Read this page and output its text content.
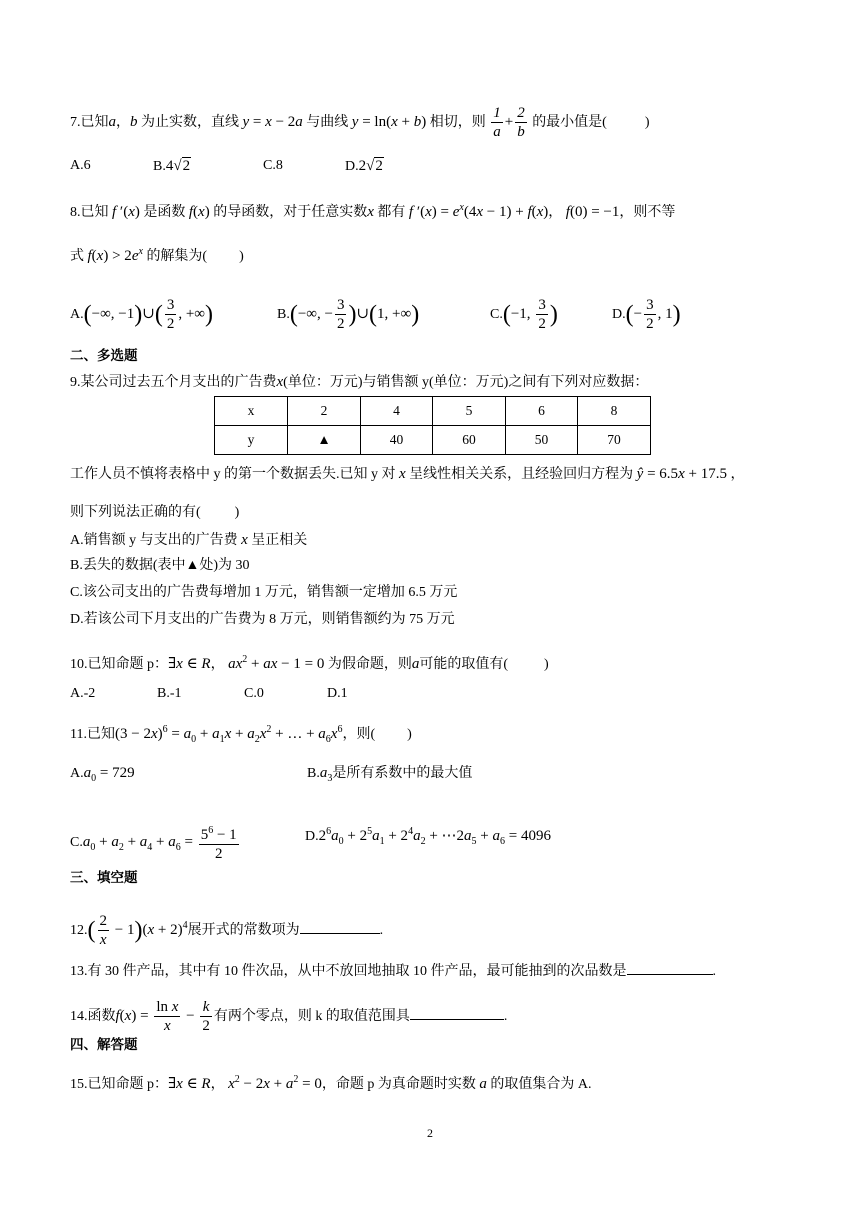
7.已知a，b 为止实数，直线 y = x − 2a 与曲线 y = ln(x + b) 相切，则 $\frac{1}{a} + \frac{2}{b}$ 的最小值是(	)
A.6	B.4√2	C.8	D.2√2
8.已知 f ′(x) 是函数 f(x) 的导函数，对于任意实数x 都有 f $'(x) = e^x(4x - 1) + f(x)$， f(0) = −1，则不等
式 $f(x) > 2e^x$ 的解集为( )
A.(−∞, −1)∪( $\frac{3}{2}$ , +∞)	B.(−∞, − $\frac{3}{2}$ )∪(1, +∞)	C.(−1, $\frac{3}{2}$ )	$D.(- \frac{3}{2}$ , 1)
二、多选题
9.某公司过去五个月支出的广告费x(单位：万元)与销售额 y(单位：万元)之间有下列对应数据：
x	2	4	5	6	8
y	▲	40	60	50	70
工作人员不慎将表格中 y 的第一个数据丢失.已知 y 对 x 呈线性相关关系，且经验回归方程为 ŷ = 6.5x + 17.5 ，
则下列说法正确的有( )
A.销售额 y 与支出的广告费 x 呈正相关
B.丢失的数据(表中▲处)为 30
C.该公司支出的广告费每增加 1 万元，销售额一定增加 6.5 万元
D.若该公司下月支出的广告费为 8 万元，则销售额约为 75 万元
10.已知命题 p：∃x ∈ R， $ax^2$ + ax − 1 = 0 为假命题，则a可能的取值有(	)
A.-2	B.-1	C.0	D.1
11.已知$(3 - 2x)^6 = a_0 + a_1x + a_2x^2$ + … + $a_6x^6$，则( )
$A.a_0 = 729$	$B.a_3$是所有系数中的最大值
$C.a_0 + a_2 + a_4 + a_6 = \frac{5^6 - 1}{2}$	$D.2^6a_0 + 2^5a_1 + 2^4a_2$ + $\cdots 2a_5 + a_6 = 4096$
三、填空题
$12.( \frac{2}{x} - 1)(x + 2)^4$展开式的常数项为	.
13.有 30 件产品，其中有 10 件次品，从中不放回地抽取 10 件产品，最可能抽到的次品数是	.
14.函数$f(x) = \frac{\text{ln x}}{x} - \frac{k}{2}$ 有两个零点，则 k 的取值范围具	.
四、解答题
15.已知命题 p：∃x ∈ R， $x^2 - 2x + a^2 = 0$，命题 p 为真命题时实数 a 的取值集合为 A.
2
